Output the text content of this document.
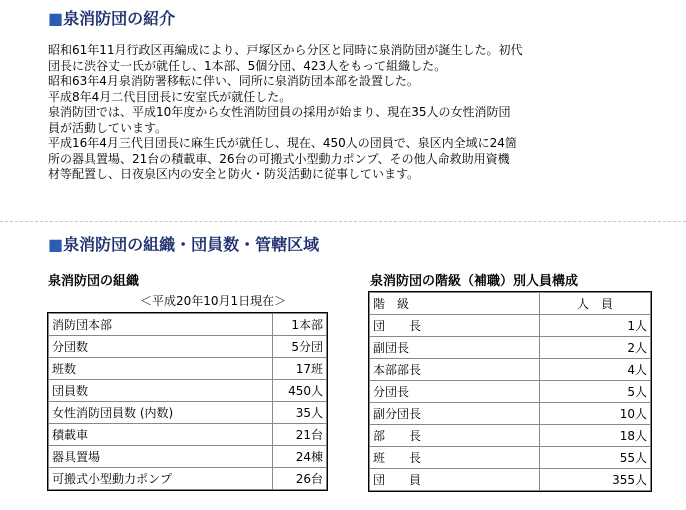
■泉消防団の紹介

昭和61年11月行政区再編成により、戸塚区から分区と同時に泉消防団が誕生した。初代
団長に渋谷丈一氏が就任し、1本部、5個分団、423人をもって組織した。

昭和63年4月泉消防署移転に伴い、同所に泉消防団本部を設置した。

平成8年4月二代目団長に安室氏が就任した。

泉消防団では、平成10年度から女性消防団員の採用が始まり、現在35人の女性消防団
員が活動しています。

平成16年4月三代目団長に麻生氏が就任し、現在、450人の団員で、泉区内全域に24箇
所の器具置場、21台の積載車、26台の可搬式小型動力ポンプ、その他人命救助用資機
材等配置し、日夜泉区内の安全と防火・防災活動に従事しています。

■泉消防団の組織・団員数・管轄区域
泉消防団の組織
＜平成20年10月1日現在＞
消防団本部	1本部
分団数	5分団
班数	17班
団員数	450人
女性消防団員数 (内数)	35人
積載車	21台
器具置場	24棟
可搬式小型動力ポンプ	26台
泉消防団の階級（補職）別人員構成
階　級	人　員
団　　長	1人
副団長	2人
本部部長	4人
分団長	5人
副分団長	10人
部　　長	18人
班　　長	55人
団　　員	355人
